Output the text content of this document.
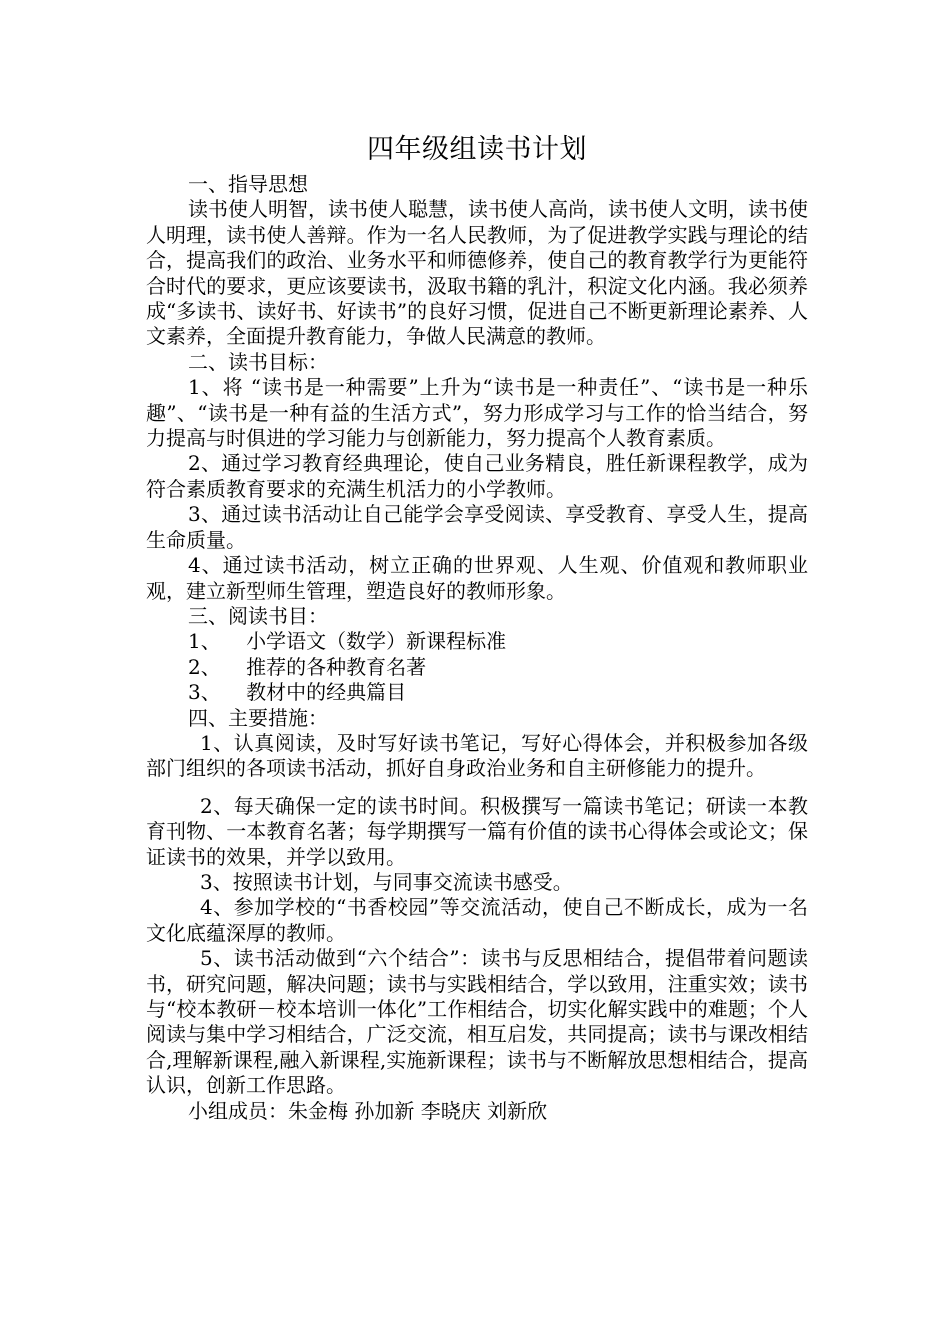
四年级组读书计划

一、指导思想

读书使人明智，读书使人聪慧，读书使人高尚，读书使人文明，读书使人明理，读书使人善辩。作为一名人民教师，为了促进教学实践与理论的结合，提高我们的政治、业务水平和师德修养，使自己的教育教学行为更能符合时代的要求，更应该要读书，汲取书籍的乳汁，积淀文化内涵。我必须养成“多读书、读好书、好读书”的良好习惯，促进自己不断更新理论素养、人文素养，全面提升教育能力，争做人民满意的教师。

二、读书目标：

1、将 “读书是一种需要”上升为“读书是一种责任”、“读书是一种乐趣”、“读书是一种有益的生活方式”，努力形成学习与工作的恰当结合，努力提高与时俱进的学习能力与创新能力，努力提高个人教育素质。

2、通过学习教育经典理论，使自己业务精良，胜任新课程教学，成为符合素质教育要求的充满生机活力的小学教师。

3、通过读书活动让自己能学会享受阅读、享受教育、享受人生，提高生命质量。

4、通过读书活动，树立正确的世界观、人生观、价值观和教师职业观，建立新型师生管理，塑造良好的教师形象。

三、阅读书目：

1、    小学语文（数学）新课程标准

2、    推荐的各种教育名著

3、    教材中的经典篇目

四、主要措施：

1、认真阅读，及时写好读书笔记，写好心得体会，并积极参加各级部门组织的各项读书活动，抓好自身政治业务和自主研修能力的提升。

2、每天确保一定的读书时间。积极撰写一篇读书笔记；研读一本教育刊物、一本教育名著；每学期撰写一篇有价值的读书心得体会或论文；保证读书的效果，并学以致用。

3、按照读书计划，与同事交流读书感受。

4、参加学校的“书香校园”等交流活动，使自己不断成长，成为一名文化底蕴深厚的教师。

5、读书活动做到“六个结合”：读书与反思相结合，提倡带着问题读书，研究问题，解决问题；读书与实践相结合，学以致用，注重实效；读书与“校本教研－校本培训一体化”工作相结合，切实化解实践中的难题；个人阅读与集中学习相结合，广泛交流，相互启发，共同提高；读书与课改相结合,理解新课程,融入新课程,实施新课程；读书与不断解放思想相结合，提高认识，创新工作思路。

小组成员：朱金梅 孙加新 李晓庆 刘新欣
